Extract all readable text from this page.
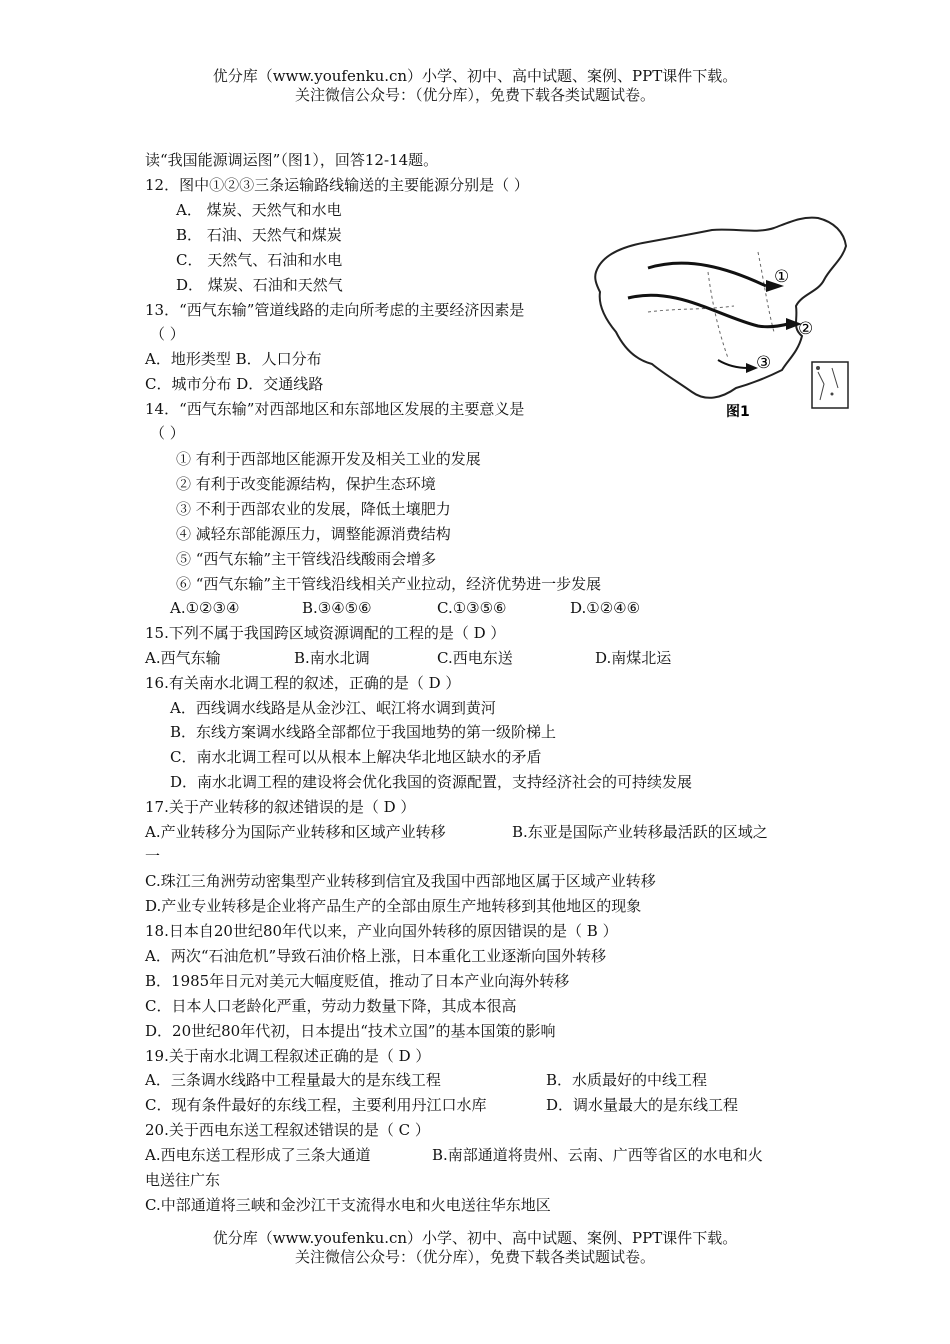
优分库（www.youfenku.cn）小学、初中、高中试题、案例、PPT课件下载。
关注微信公众号：（优分库），免费下载各类试题试卷。
读“我国能源调运图”（图1），回答12-14题。
12．图中①②③三条运输路线输送的主要能源分别是（ ）
A． 煤炭、天然气和水电
B． 石油、天然气和煤炭
C． 天然气、石油和水电
D． 煤炭、石油和天然气
13．“西气东输”管道线路的走向所考虑的主要经济因素是
（ ）
A．地形类型 B．人口分布
C．城市分布 D．交通线路
14．“西气东输”对西部地区和东部地区发展的主要意义是
（ ）
① 有利于西部地区能源开发及相关工业的发展
② 有利于改变能源结构，保护生态环境
③ 不利于西部农业的发展，降低土壤肥力
④ 减轻东部能源压力，调整能源消费结构
⑤ “西气东输”主干管线沿线酸雨会增多
⑥ “西气东输”主干管线沿线相关产业拉动，经济优势进一步发展
A.①②③④	B.③④⑤⑥	C.①③⑤⑥	D.①②④⑥
15.下列不属于我国跨区域资源调配的工程的是（ D ）
A.西气东输	B.南水北调	C.西电东送	D.南煤北运
16.有关南水北调工程的叙述，正确的是（ D ）
A．西线调水线路是从金沙江、岷江将水调到黄河
B．东线方案调水线路全部都位于我国地势的第一级阶梯上
C．南水北调工程可以从根本上解决华北地区缺水的矛盾
D．南水北调工程的建设将会优化我国的资源配置，支持经济社会的可持续发展
17.关于产业转移的叙述错误的是（ D ）
A.产业转移分为国际产业转移和区域产业转移	B.东亚是国际产业转移最活跃的区域之
一
C.珠江三角洲劳动密集型产业转移到信宜及我国中西部地区属于区域产业转移
D.产业专业转移是企业将产品生产的全部由原生产地转移到其他地区的现象
18.日本自20世纪80年代以来，产业向国外转移的原因错误的是（ B ）
A．两次“石油危机”导致石油价格上涨，日本重化工业逐渐向国外转移
B．1985年日元对美元大幅度贬值，推动了日本产业向海外转移
C．日本人口老龄化严重，劳动力数量下降，其成本很高
D．20世纪80年代初，日本提出“技术立国”的基本国策的影响
19.关于南水北调工程叙述正确的是（ D ）
A．三条调水线路中工程量最大的是东线工程	B．水质最好的中线工程
C．现有条件最好的东线工程，主要利用丹江口水库	D．调水量最大的是东线工程
20.关于西电东送工程叙述错误的是（ C ）
A.西电东送工程形成了三条大通道	B.南部通道将贵州、云南、广西等省区的水电和火
电送往广东
C.中部通道将三峡和金沙江干支流得水电和火电送往华东地区
优分库（www.youfenku.cn）小学、初中、高中试题、案例、PPT课件下载。
关注微信公众号：（优分库），免费下载各类试题试卷。
①
②
③
图1
